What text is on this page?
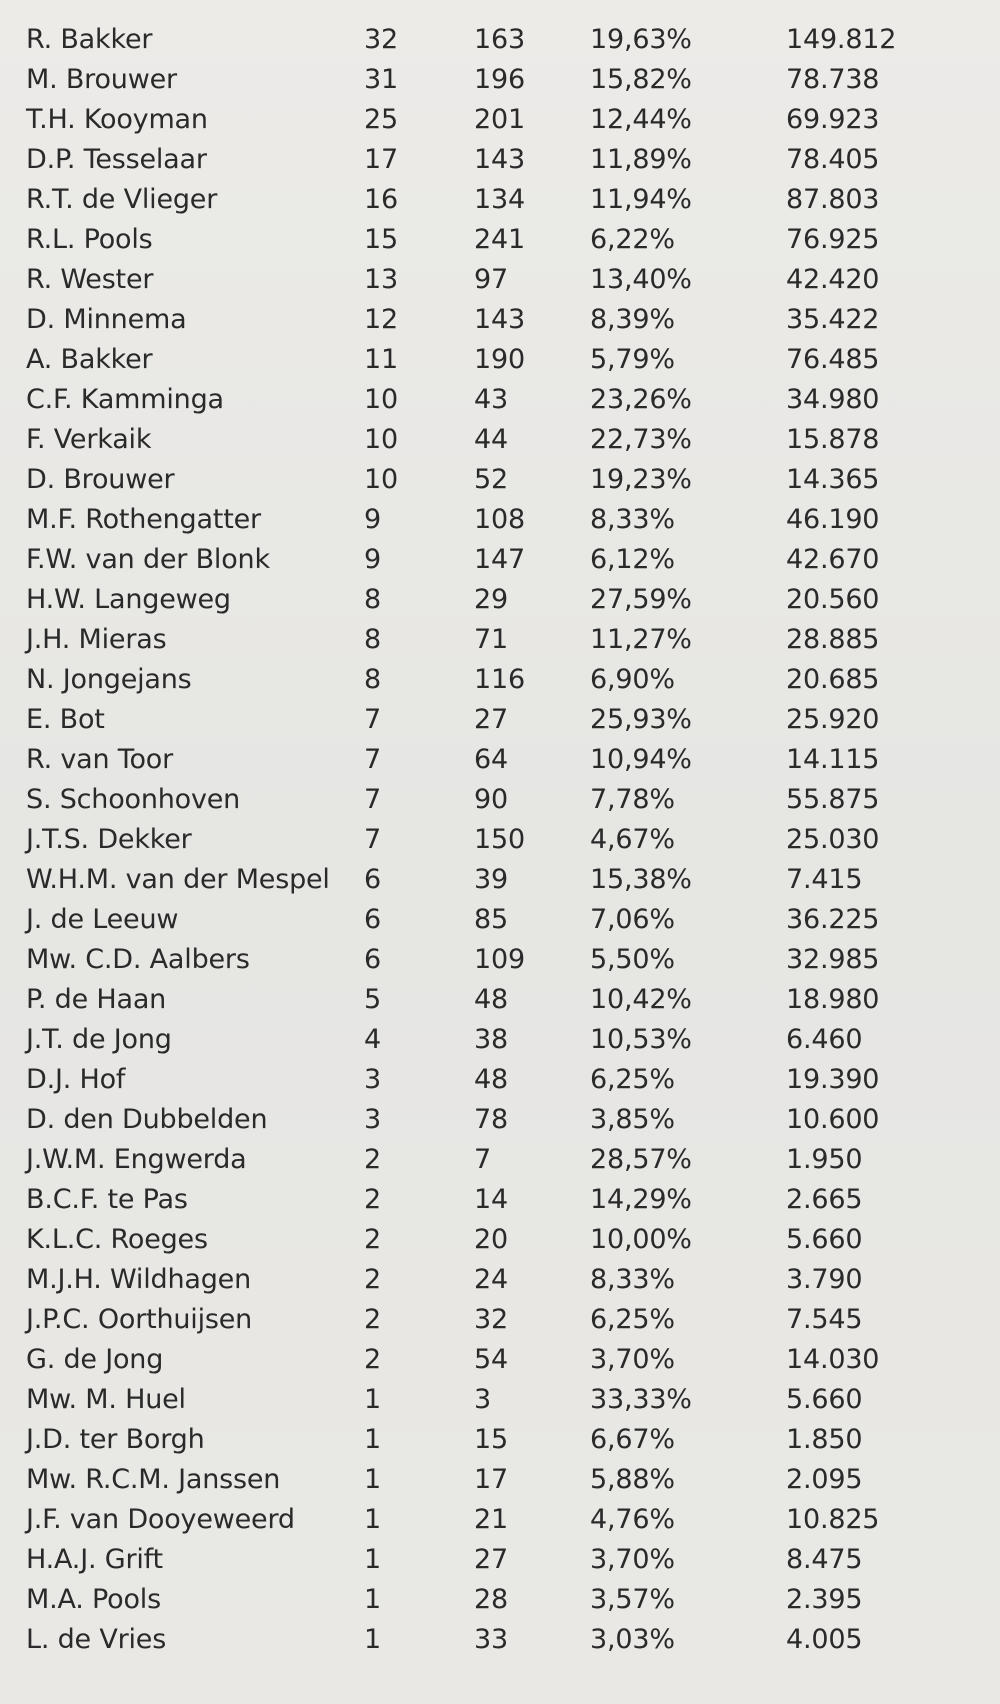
R. Bakker	32	163 19,63%	149.812
M. Brouwer	31	196 15,82%	78.738
T.H. Kooyman	25	201 12,44%	69.923
D.P. Tesselaar	17	143 11,89%	78.405
R.T. de Vlieger	16	134 11,94%	87.803
R.L. Pools	15	241 6,22%	76.925
R. Wester	13	97	13,40%	42.420
D. Minnema	12	143 8,39%	35.422
A. Bakker	11	190 5,79%	76.485
C.F. Kamminga	10	43	23,26%	34.980
F. Verkaik	10	44	22,73%	15.878
D. Brouwer	10	52	19,23%	14.365
M.F. Rothengatter	9	108 8,33%	46.190
F.W. van der Blonk	9	147 6,12%	42.670
H.W. Langeweg	8	29	27,59%	20.560
J.H. Mieras	8	71	11,27%	28.885
N. Jongejans	8	116 6,90%	20.685
E. Bot	7	27	25,93%	25.920
R. van Toor	7	64	10,94%	14.115
S. Schoonhoven	7	90	7,78%	55.875
J.T.S. Dekker	7	150 4,67%	25.030
W.H.M. van der Mespel 6	39	15,38%	7.415
J. de Leeuw	6	85	7,06%	36.225
Mw. C.D. Aalbers	6	109 5,50%	32.985
P. de Haan	5	48	10,42%	18.980
J.T. de Jong	4	38	10,53%	6.460
D.J. Hof	3	48	6,25%	19.390
D. den Dubbelden	3	78	3,85%	10.600
J.W.M. Engwerda	2	7	28,57%	1.950
B.C.F. te Pas	2	14	14,29%	2.665
K.L.C. Roeges	2	20	10,00%	5.660
M.J.H. Wildhagen	2	24	8,33%	3.790
J.P.C. Oorthuijsen	2	32	6,25%	7.545
G. de Jong	2	54	3,70%	14.030
Mw. M. Huel	1	3	33,33%	5.660
J.D. ter Borgh	1	15	6,67%	1.850
Mw. R.C.M. Janssen	1	17	5,88%	2.095
J.F. van Dooyeweerd	1	21	4,76%	10.825
H.A.J. Grift	1	27	3,70%	8.475
M.A. Pools	1	28	3,57%	2.395
L. de Vries	1	33	3,03%	4.005
